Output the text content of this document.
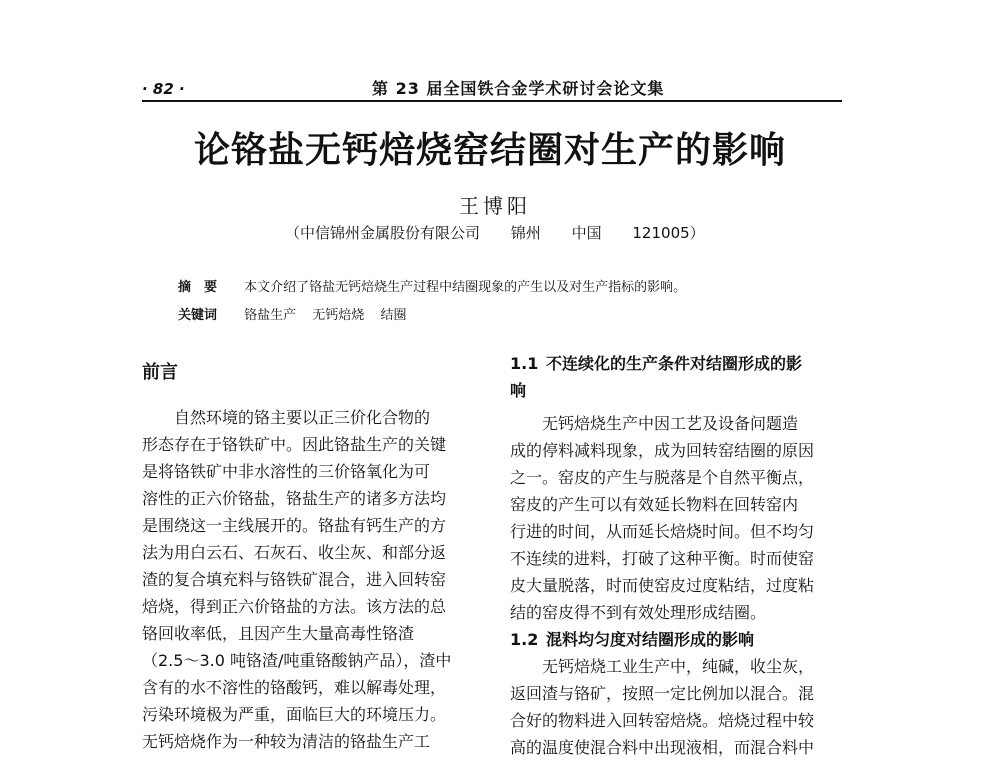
· 82 ·	第 23 届全国铁合金学术研讨会论文集
论铬盐无钙焙烧窑结圈对生产的影响
王博阳
（中信锦州金属股份有限公司 锦州 中国 121005）
摘　要 本文介绍了铬盐无钙焙烧生产过程中结圈现象的产生以及对生产指标的影响。
关键词 铬盐生产 无钙焙烧 结圈
前言

　　自然环境的铬主要以正三价化合物的

形态存在于铬铁矿中。因此铬盐生产的关键

是将铬铁矿中非水溶性的三价铬氧化为可

溶性的正六价铬盐，铬盐生产的诸多方法均

是围绕这一主线展开的。铬盐有钙生产的方

法为用白云石、石灰石、收尘灰、和部分返

渣的复合填充料与铬铁矿混合，进入回转窑

焙烧，得到正六价铬盐的方法。该方法的总

铬回收率低，且因产生大量高毒性铬渣

（2.5～3.0 吨铬渣/吨重铬酸钠产品），渣中

含有的水不溶性的铬酸钙，难以解毒处理，

污染环境极为严重，面临巨大的环境压力。

无钙焙烧作为一种较为清洁的铬盐生产工

1.1 不连续化的生产条件对结圈形成的影

响

　　无钙焙烧生产中因工艺及设备问题造

成的停料减料现象，成为回转窑结圈的原因

之一。窑皮的产生与脱落是个自然平衡点，

窑皮的产生可以有效延长物料在回转窑内

行进的时间，从而延长焙烧时间。但不均匀

不连续的进料，打破了这种平衡。时而使窑

皮大量脱落，时而使窑皮过度粘结，过度粘

结的窑皮得不到有效处理形成结圈。

1.2 混料均匀度对结圈形成的影响

　　无钙焙烧工业生产中，纯碱，收尘灰，

返回渣与铬矿，按照一定比例加以混合。混

合好的物料进入回转窑焙烧。焙烧过程中较

高的温度使混合料中出现液相，而混合料中
